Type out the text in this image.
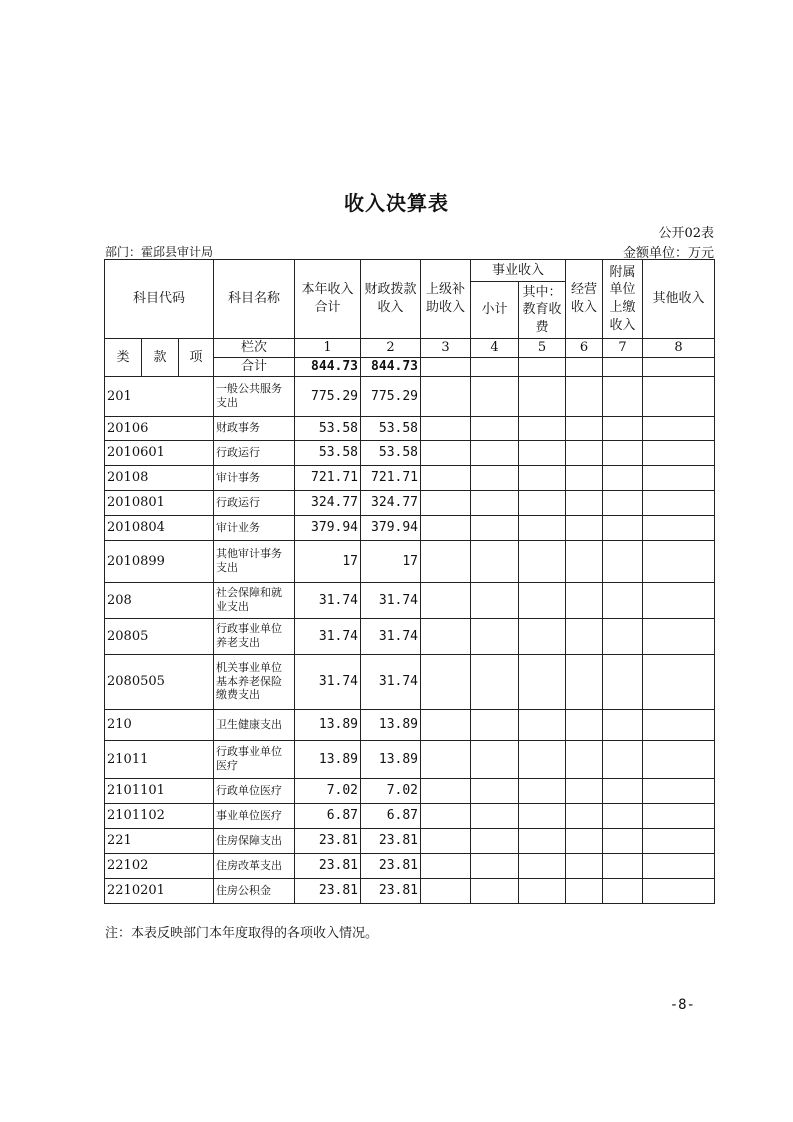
收入决算表
公开02表
部门：霍邱县审计局	金额单位：万元
科目代码			科目名称	本年收入合计	财政拨款收入	上级补助收入	事业收入		经营收入	附属单位上缴收入	其他收入
							小计	其中：教育收费			

类	款	项	栏次	1	2	3	4	5	6	7	8
			合计	844.73	844.73						
201			一般公共服务支出	775.29	775.29						
20106			财政事务	53.58	53.58						
2010601			行政运行	53.58	53.58						
20108			审计事务	721.71	721.71						
2010801			行政运行	324.77	324.77						
2010804			审计业务	379.94	379.94						
2010899			其他审计事务支出	17	17						
208			社会保障和就业支出	31.74	31.74						
20805			行政事业单位养老支出	31.74	31.74						
2080505			机关事业单位基本养老保险缴费支出	31.74	31.74						
210			卫生健康支出	13.89	13.89						
21011			行政事业单位医疗	13.89	13.89						
2101101			行政单位医疗	7.02	7.02						
2101102			事业单位医疗	6.87	6.87						
221			住房保障支出	23.81	23.81						
22102			住房改革支出	23.81	23.81						
2210201			住房公积金	23.81	23.81						
注：本表反映部门本年度取得的各项收入情况。
-8-
